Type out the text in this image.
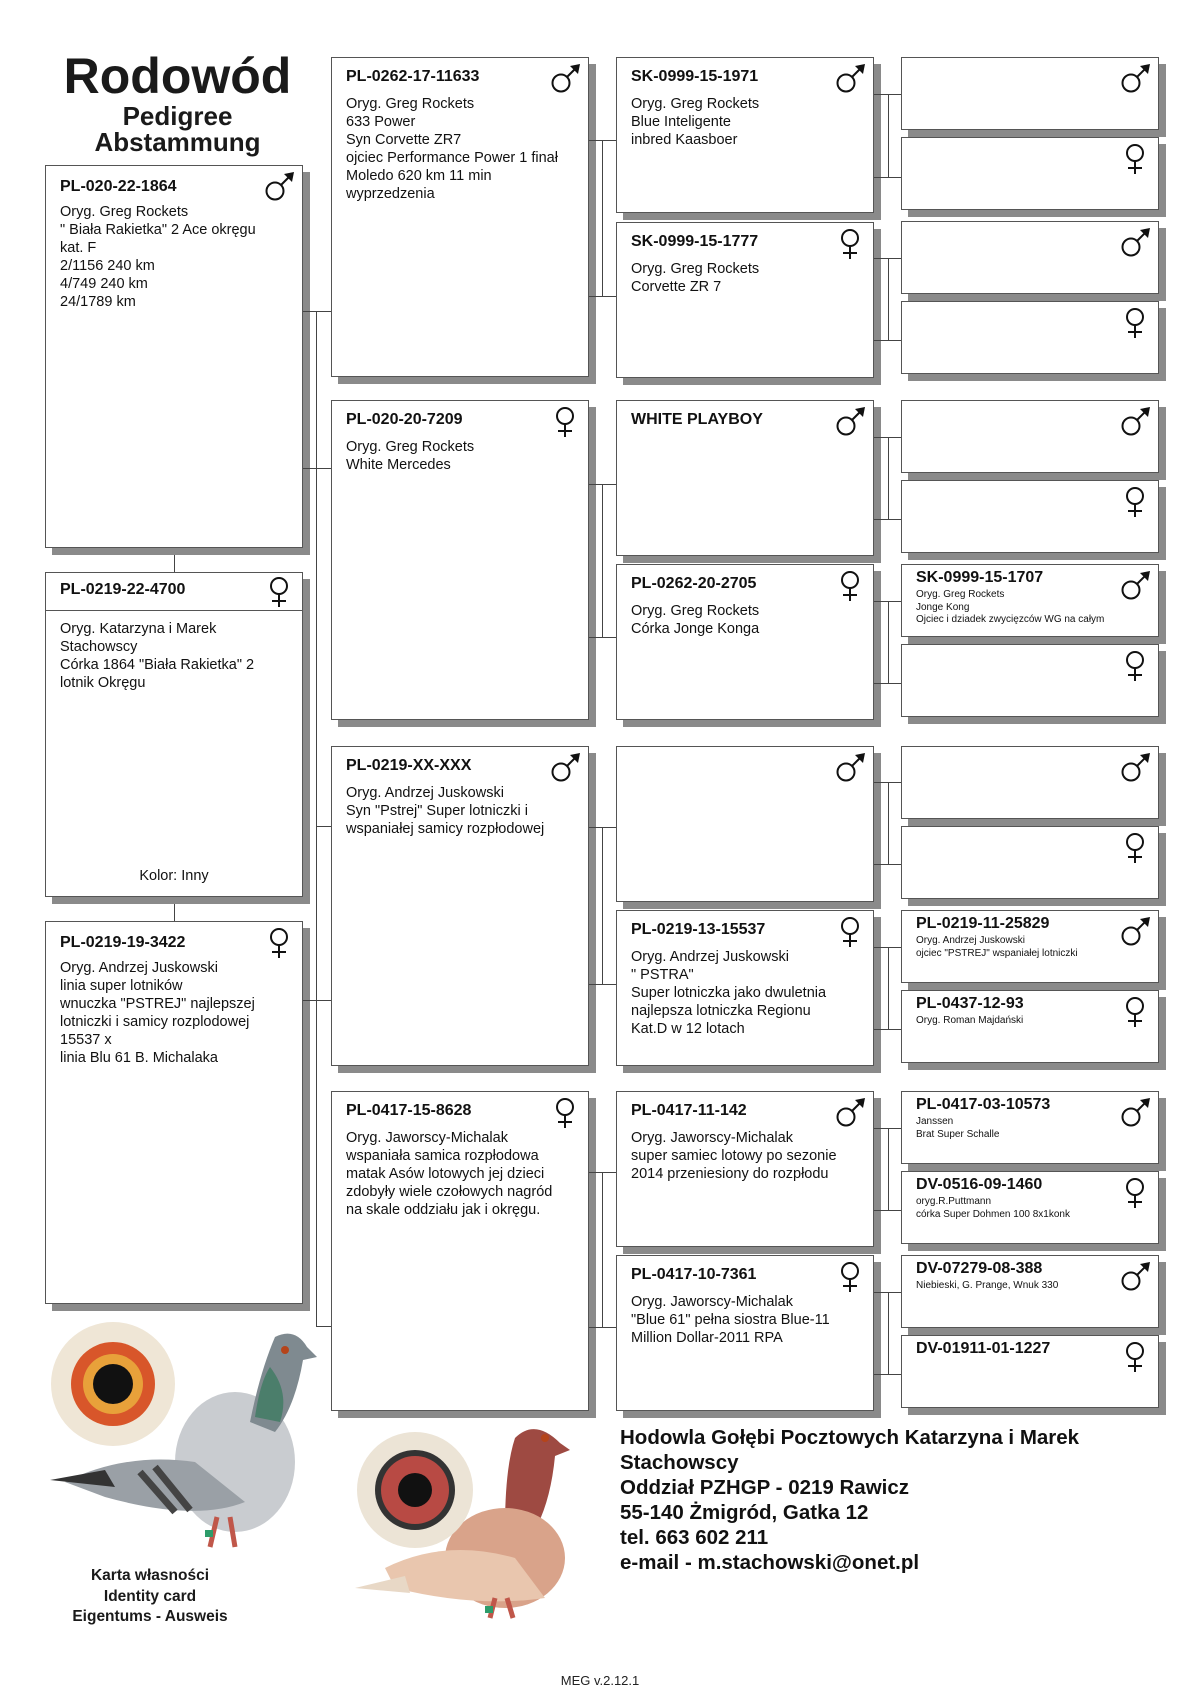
Rodowód
Pedigree
Abstammung
PL-020-22-1864
Oryg. Greg Rockets
" Biała Rakietka" 2 Ace okręgu
kat. F
2/1156 240 km
4/749 240 km
24/1789 km
PL-0219-22-4700
Oryg. Katarzyna i Marek
Stachowscy
Córka 1864 "Biała Rakietka" 2
lotnik Okręgu
Kolor: Inny
PL-0219-19-3422
Oryg. Andrzej Juskowski
linia super lotników
wnuczka "PSTREJ" najlepszej
lotniczki i samicy rozplodowej
15537 x
linia Blu 61 B. Michalaka
PL-0262-17-11633
Oryg. Greg Rockets
633 Power
Syn Corvette ZR7
ojciec Performance Power 1 finał
Moledo 620 km 11 min
wyprzedzenia
PL-020-20-7209
Oryg. Greg Rockets
White Mercedes
PL-0219-XX-XXX
Oryg. Andrzej Juskowski
Syn "Pstrej" Super lotniczki i
wspaniałej samicy rozpłodowej
PL-0417-15-8628
Oryg. Jaworscy-Michalak
wspaniała samica rozpłodowa
matak Asów lotowych jej dzieci
zdobyły wiele czołowych nagród
na skale oddziału jak i okręgu.
SK-0999-15-1971
Oryg. Greg Rockets
Blue Inteligente
inbred Kaasboer
SK-0999-15-1777
Oryg. Greg Rockets
Corvette ZR 7
WHITE PLAYBOY
PL-0262-20-2705
Oryg. Greg Rockets
Córka Jonge Konga
PL-0219-13-15537
Oryg. Andrzej Juskowski
" PSTRA"
Super lotniczka jako dwuletnia
najlepsza lotniczka Regionu
Kat.D w 12 lotach
PL-0417-11-142
Oryg. Jaworscy-Michalak
super samiec lotowy po sezonie
2014 przeniesiony do rozpłodu
PL-0417-10-7361
Oryg. Jaworscy-Michalak
"Blue 61" pełna siostra Blue-11
Million Dollar-2011 RPA
SK-0999-15-1707
Oryg. Greg Rockets
Jonge Kong
Ojciec i dziadek zwycięzców WG na całym
PL-0219-11-25829
Oryg. Andrzej Juskowski
ojciec "PSTREJ" wspaniałej lotniczki
PL-0437-12-93
Oryg. Roman Majdański
PL-0417-03-10573
Janssen
Brat Super Schalle
DV-0516-09-1460
oryg.R.Puttmann
córka Super Dohmen 100 8x1konk
DV-07279-08-388
Niebieski, G. Prange, Wnuk 330
DV-01911-01-1227
Hodowla Gołębi Pocztowych Katarzyna i Marek
Stachowscy
Oddział PZHGP - 0219 Rawicz
55-140 Żmigród, Gatka 12
tel. 663 602 211
e-mail - m.stachowski@onet.pl
Karta własności
Identity card
Eigentums - Ausweis
MEG v.2.12.1
